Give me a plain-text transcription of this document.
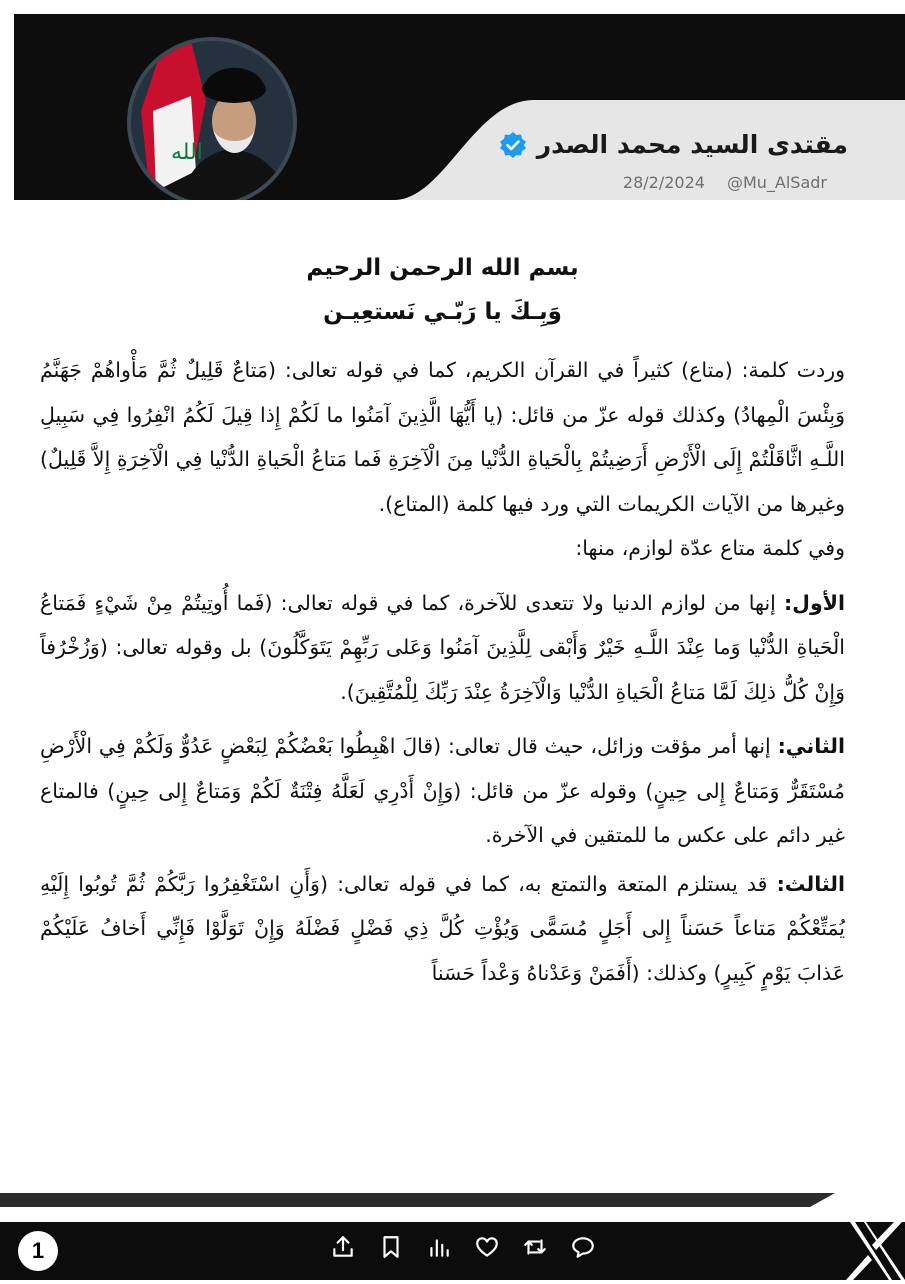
الله	مقتدى السيد محمد الصدر
28/2/2024 @Mu_AlSadr

بسم الله الرحمن الرحيم

وَبِـكَ يا رَبّـي نَستعِيـن

وردت كلمة: (متاع) كثيراً في القرآن الكريم، كما في قوله تعالى: (مَتاعٌ قَلِيلٌ ثُمَّ مَأْواهُمْ جَهَنَّمُ وَبِئْسَ الْمِهادُ) وكذلك قوله عزّ من قائل: (يا أَيُّهَا الَّذِينَ آمَنُوا ما لَكُمْ إِذا قِيلَ لَكُمُ انْفِرُوا فِي سَبِيلِ اللَّـهِ اثَّاقَلْتُمْ إِلَى الْأَرْضِ أَرَضِيتُمْ بِالْحَياةِ الدُّنْيا مِنَ الْآخِرَةِ فَما مَتاعُ الْحَياةِ الدُّنْيا فِي الْآخِرَةِ إِلاَّ قَلِيلٌ) وغيرها من الآيات الكريمات التي ورد فيها كلمة (المتاع).

وفي كلمة متاع عدّة لوازم، منها:

الأول: إنها من لوازم الدنيا ولا تتعدى للآخرة، كما في قوله تعالى: (فَما أُوتِيتُمْ مِنْ شَيْءٍ فَمَتاعُ الْحَياةِ الدُّنْيا وَما عِنْدَ اللَّـهِ خَيْرٌ وَأَبْقى لِلَّذِينَ آمَنُوا وَعَلى رَبِّهِمْ يَتَوَكَّلُونَ) بل وقوله تعالى: (وَزُخْرُفاً وَإِنْ كُلُّ ذلِكَ لَمَّا مَتاعُ الْحَياةِ الدُّنْيا وَالْآخِرَةُ عِنْدَ رَبِّكَ لِلْمُتَّقِينَ).

الثاني: إنها أمر مؤقت وزائل، حيث قال تعالى: (قالَ اهْبِطُوا بَعْضُكُمْ لِبَعْضٍ عَدُوٌّ وَلَكُمْ فِي الْأَرْضِ مُسْتَقَرٌّ وَمَتاعٌ إِلى حِينٍ) وقوله عزّ من قائل: (وَإِنْ أَدْرِي لَعَلَّهُ فِتْنَةٌ لَكُمْ وَمَتاعٌ إِلى حِينٍ) فالمتاع غير دائم على عكس ما للمتقين في الآخرة.

الثالث: قد يستلزم المتعة والتمتع به، كما في قوله تعالى: (وَأَنِ اسْتَغْفِرُوا رَبَّكُمْ ثُمَّ تُوبُوا إِلَيْهِ يُمَتِّعْكُمْ مَتاعاً حَسَناً إِلى أَجَلٍ مُسَمًّى وَيُؤْتِ كُلَّ ذِي فَضْلٍ فَضْلَهُ وَإِنْ تَوَلَّوْا فَإِنِّي أَخافُ عَلَيْكُمْ عَذابَ يَوْمٍ كَبِيرٍ) وكذلك: (أَفَمَنْ وَعَدْناهُ وَعْداً حَسَناً

1
